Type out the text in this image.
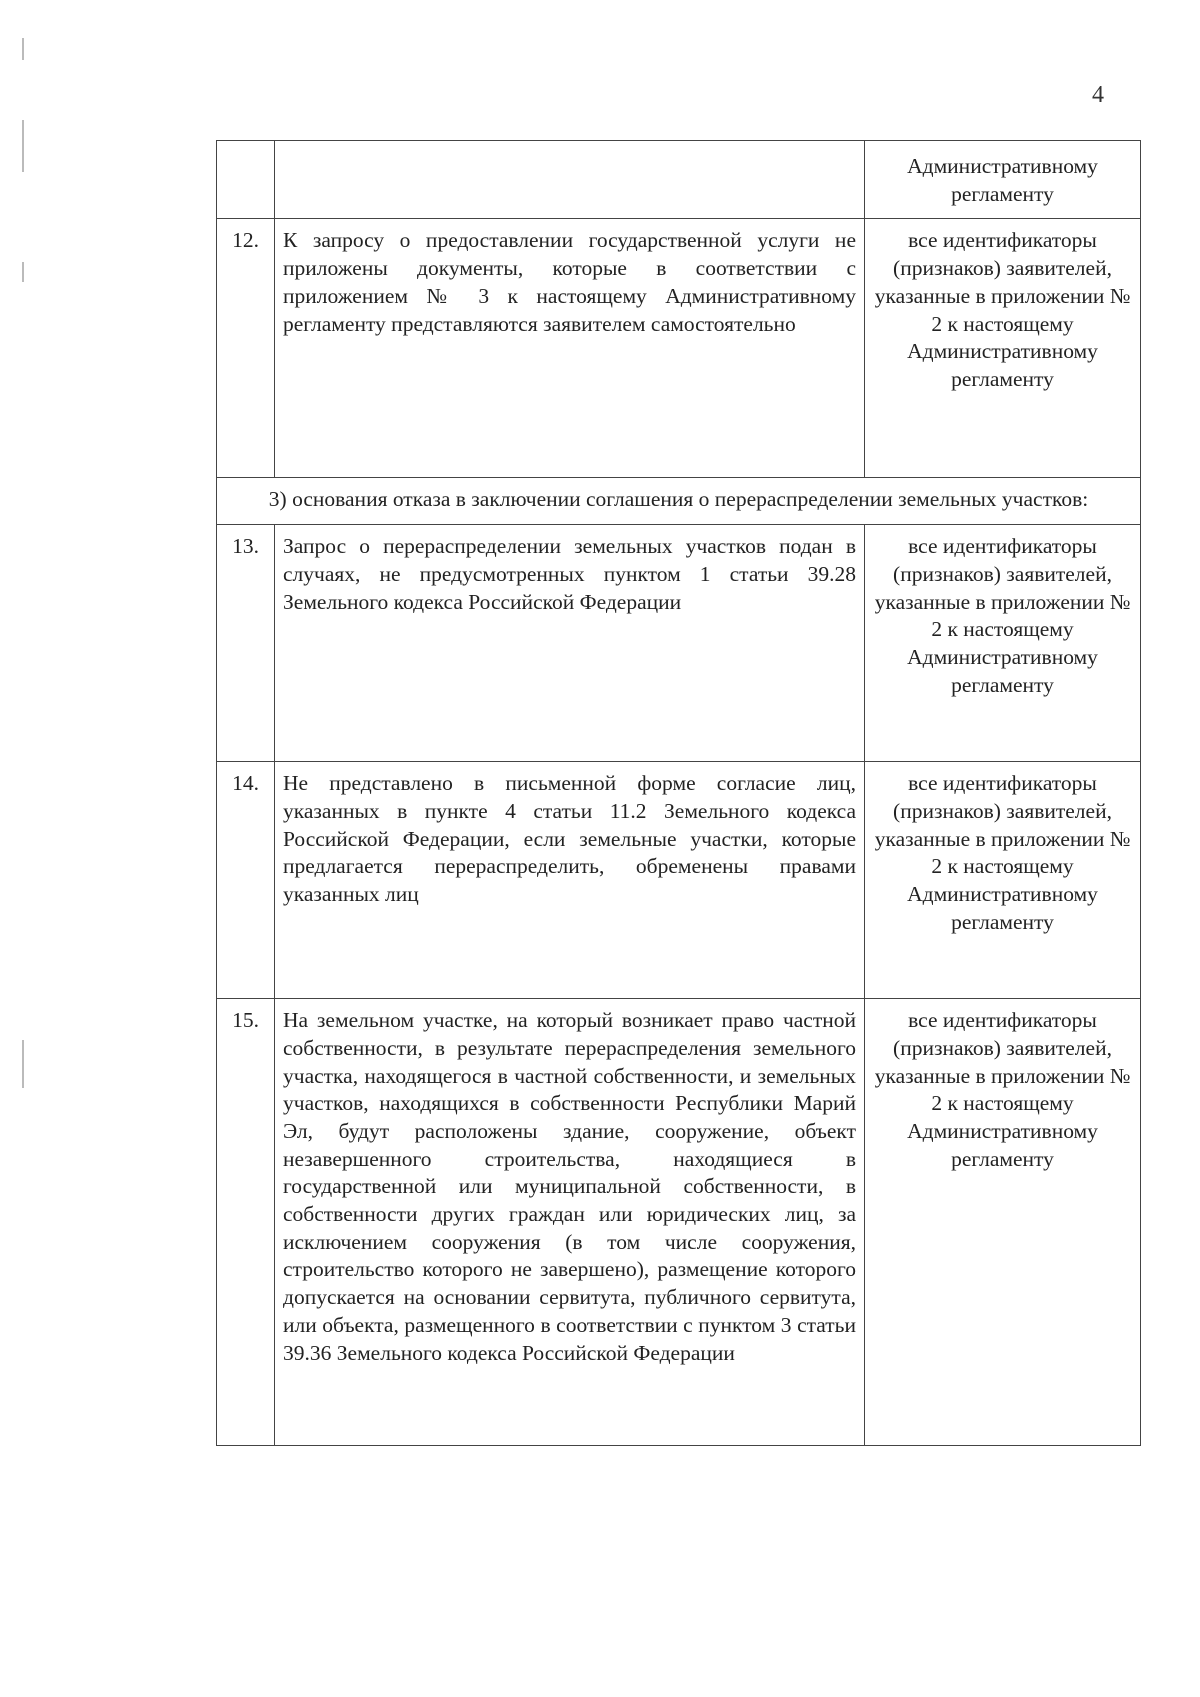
4
		Административному регламенту
12.	К запросу о предоставлении государственной услуги не приложены документы, которые в соответствии с приложением № 3 к настоящему Административному регламенту представляются заявителем самостоятельно	все идентификаторы (признаков) заявителей, указанные в приложении № 2 к настоящему Административному регламенту
3) основания отказа в заключении соглашения о перераспределении земельных участков:		
13.	Запрос о перераспределении земельных участков подан в случаях, не предусмотренных пунктом 1 статьи 39.28 Земельного кодекса Российской Федерации	все идентификаторы (признаков) заявителей, указанные в приложении № 2 к настоящему Административному регламенту
14.	Не представлено в письменной форме согласие лиц, указанных в пункте 4 статьи 11.2 Земельного кодекса Российской Федерации, если земельные участки, которые предлагается перераспределить, обременены правами указанных лиц	все идентификаторы (признаков) заявителей, указанные в приложении № 2 к настоящему Административному регламенту
15.	На земельном участке, на который возникает право частной собственности, в результате перераспределения земельного участка, находящегося в частной собственности, и земельных участков, находящихся в собственности Республики Марий Эл, будут расположены здание, сооружение, объект незавершенного строительства, находящиеся в государственной или муниципальной собственности, в собственности других граждан или юридических лиц, за исключением сооружения (в том числе сооружения, строительство которого не завершено), размещение которого допускается на основании сервитута, публичного сервитута, или объекта, размещенного в соответствии с пунктом 3 статьи 39.36 Земельного кодекса Российской Федерации	все идентификаторы (признаков) заявителей, указанные в приложении № 2 к настоящему Административному регламенту
